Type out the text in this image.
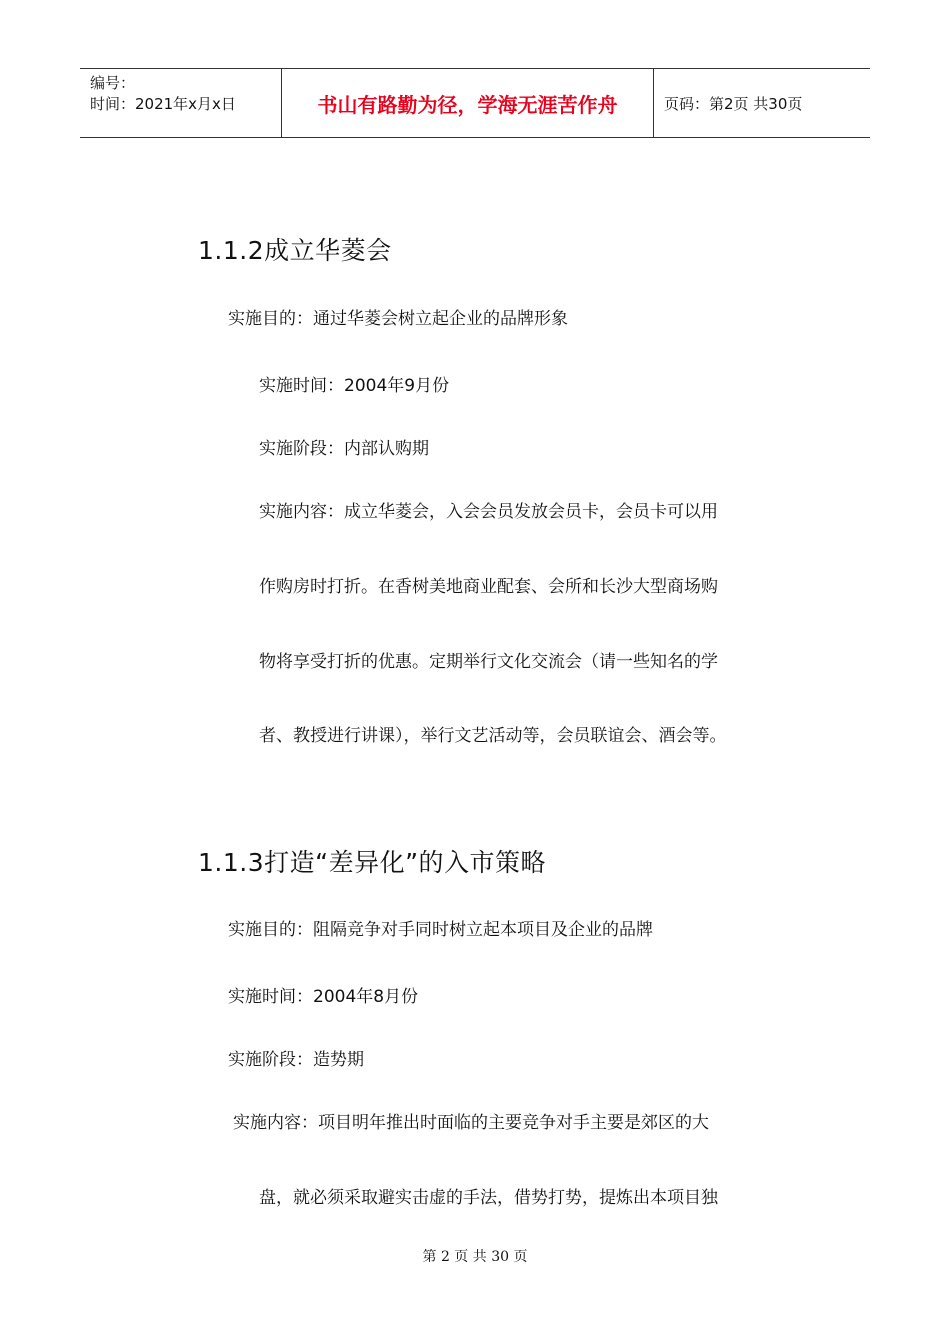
编号：
时间：2021年x月x日	书山有路勤为径，学海无涯苦作舟	页码：第2页 共30页
1.1.2成立华菱会
实施目的：通过华菱会树立起企业的品牌形象
实施时间：2004年9月份
实施阶段：内部认购期
实施内容：成立华菱会，入会会员发放会员卡，会员卡可以用
作购房时打折。在香树美地商业配套、会所和长沙大型商场购
物将享受打折的优惠。定期举行文化交流会（请一些知名的学
者、教授进行讲课），举行文艺活动等，会员联谊会、酒会等。
1.1.3打造“差异化”的入市策略
实施目的：阻隔竞争对手同时树立起本项目及企业的品牌
实施时间：2004年8月份
实施阶段：造势期
实施内容：项目明年推出时面临的主要竞争对手主要是郊区的大
盘，就必须采取避实击虚的手法，借势打势，提炼出本项目独
第 2 页 共 30 页
